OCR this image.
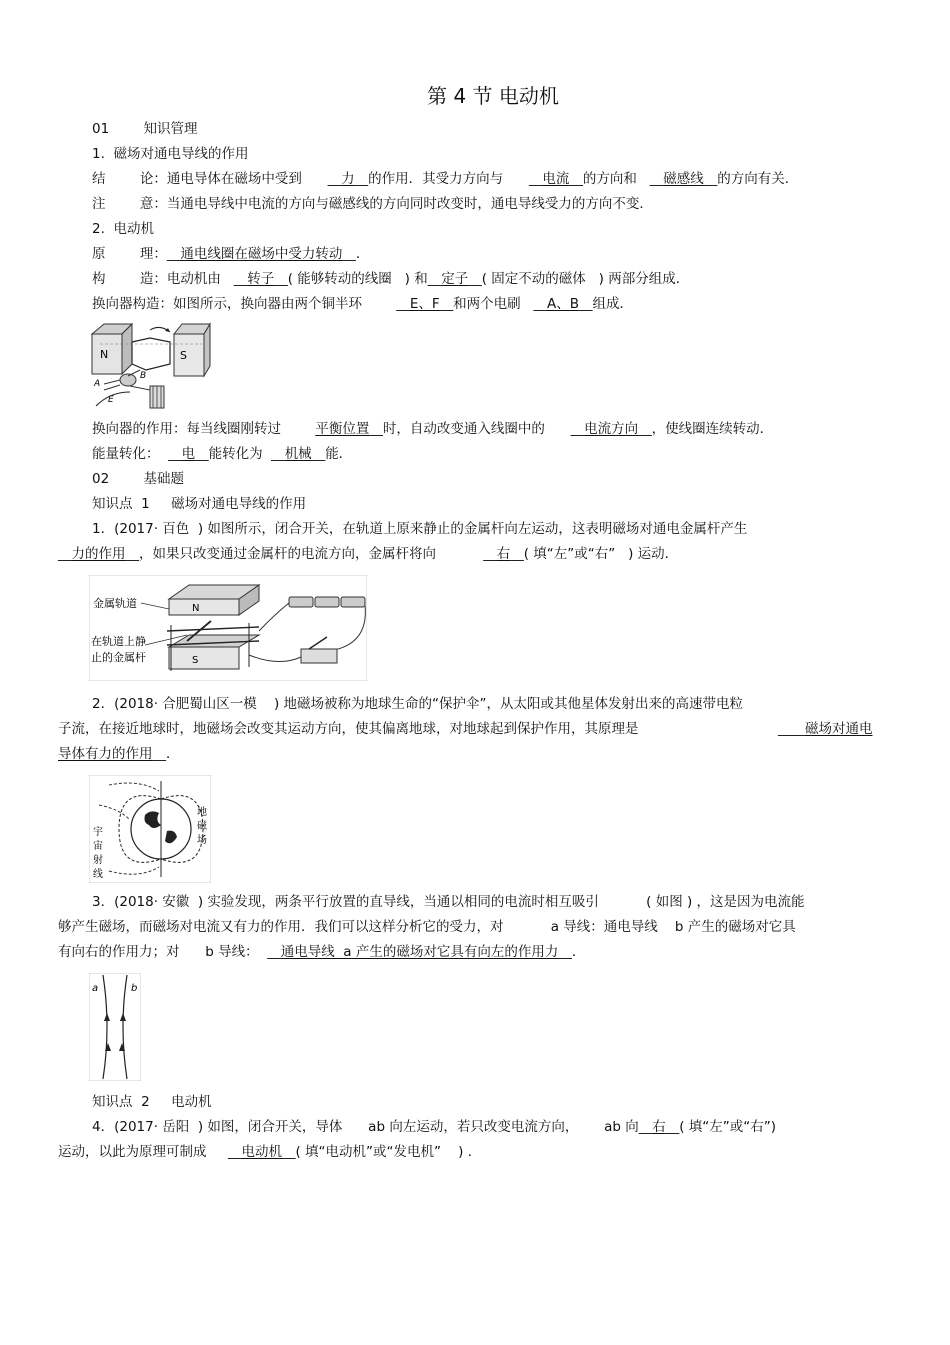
第 4 节 电动机
01        知识管理
1.  磁场对通电导线的作用
结        论：通电导体在磁场中受到      __力__的作用．其受力方向与      __电流__的方向和   __磁感线__的方向有关．
注        意：当通电导线中电流的方向与磁感线的方向同时改变时，通电导线受力的方向不变．
2.  电动机
原        理：__通电线圈在磁场中受力转动__．
构        造：电动机由   __转子__( 能够转动的线圈   ) 和__定子__( 固定不动的磁体   ) 两部分组成．
换向器构造：如图所示，换向器由两个铜半环        __E、F__和两个电刷   __A、B__组成．
N	S
A
B
E
换向器的作用：每当线圈刚转过        平衡位置__时，自动改变通入线圈中的      __电流方向__，使线圈连续转动．
能量转化：  __电__能转化为  __机械__能．
02        基础题
知识点  1     磁场对通电导线的作用
1．(2017· 百色  ) 如图所示，闭合开关，在轨道上原来静止的金属杆向左运动，这表明磁场对通电金属杆产生
__力的作用__，如果只改变通过金属杆的电流方向，金属杆将向           __右__( 填“左”或“右”   ) 运动．
N
金属轨道
S
在轨道上静
止的金属杆
2．(2018· 合肥蜀山区一模    ) 地磁场被称为地球生命的“保护伞”，从太阳或其他星体发射出来的高速带电粒
子流，在接近地球时，地磁场会改变其运动方向，使其偏离地球，对地球起到保护作用，其原理是	____磁场对通电
导体有力的作用__．
宇
宙
射
线
地
磁
场
3．(2018· 安徽  ) 实验发现，两条平行放置的直导线，当通以相同的电流时相互吸引           ( 如图 ) ，这是因为电流能
够产生磁场，而磁场对电流又有力的作用．我们可以这样分析它的受力，对           a 导线：通电导线    b 产生的磁场对它具
有向右的作用力；对      b 导线：  __通电导线  a 产生的磁场对它具有向左的作用力__．
a	b
知识点  2     电动机
4．(2017· 岳阳  ) 如图，闭合开关，导体      ab 向左运动，若只改变电流方向，      ab 向__右__( 填“左”或“右”)
运动，以此为原理可制成     __电动机__( 填“电动机”或“发电机”    ) ．
